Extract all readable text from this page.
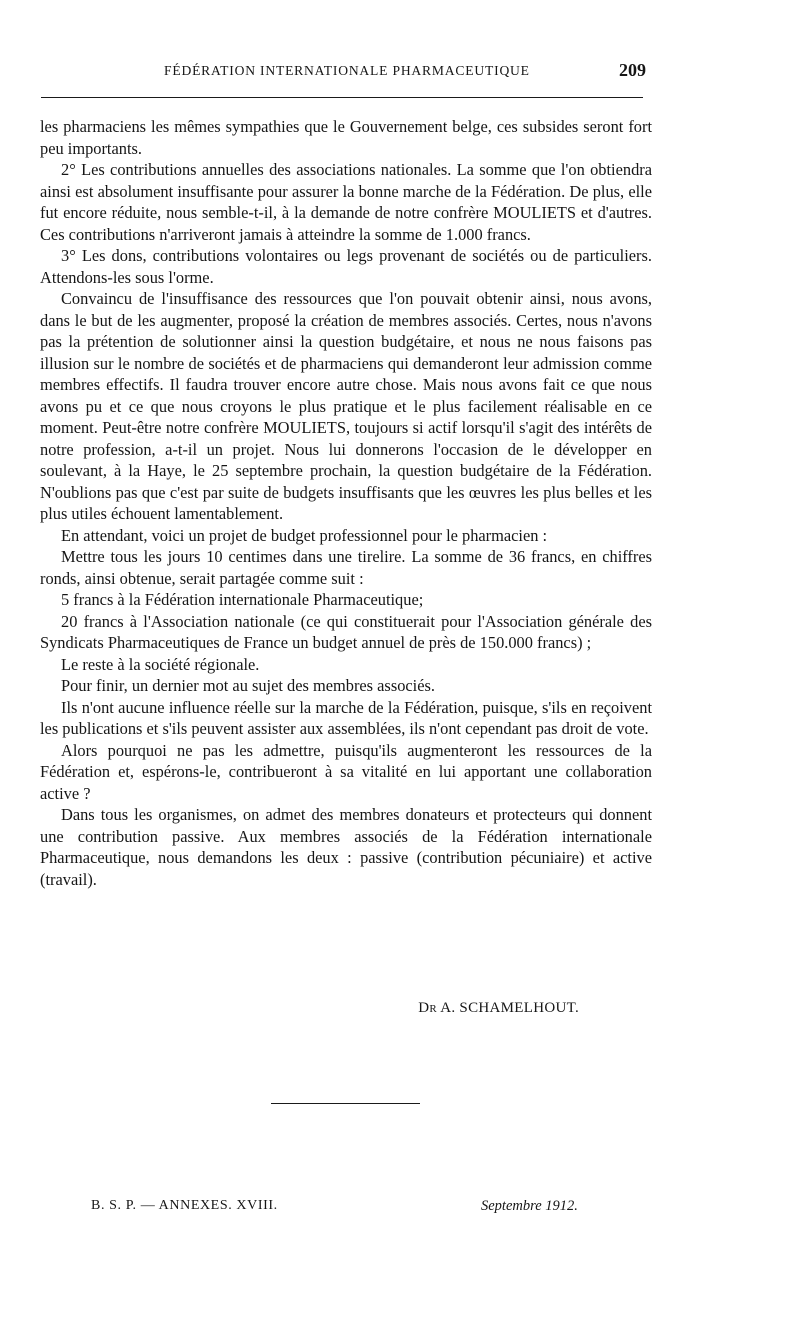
FÉDÉRATION INTERNATIONALE PHARMACEUTIQUE	209

les pharmaciens les mêmes sympathies que le Gouvernement belge, ces subsides seront fort peu importants.

2° Les contributions annuelles des associations nationales. La somme que l'on obtiendra ainsi est absolument insuffisante pour assurer la bonne marche de la Fédération. De plus, elle fut encore réduite, nous semble-t-il, à la demande de notre confrère MOULIETS et d'autres. Ces contributions n'arriveront jamais à atteindre la somme de 1.000 francs.

3° Les dons, contributions volontaires ou legs provenant de sociétés ou de particuliers. Attendons-les sous l'orme.

Convaincu de l'insuffisance des ressources que l'on pouvait obtenir ainsi, nous avons, dans le but de les augmenter, proposé la création de membres associés. Certes, nous n'avons pas la prétention de solutionner ainsi la question budgétaire, et nous ne nous faisons pas illusion sur le nombre de sociétés et de pharmaciens qui demanderont leur admission comme membres effectifs. Il faudra trouver encore autre chose. Mais nous avons fait ce que nous avons pu et ce que nous croyons le plus pratique et le plus facilement réalisable en ce moment. Peut-être notre confrère MOULIETS, toujours si actif lorsqu'il s'agit des intérêts de notre profession, a-t-il un projet. Nous lui donnerons l'occasion de le développer en soulevant, à la Haye, le 25 septembre prochain, la question budgétaire de la Fédération. N'oublions pas que c'est par suite de budgets insuffisants que les œuvres les plus belles et les plus utiles échouent lamentablement.

En attendant, voici un projet de budget professionnel pour le pharmacien :

Mettre tous les jours 10 centimes dans une tirelire. La somme de 36 francs, en chiffres ronds, ainsi obtenue, serait partagée comme suit :

5 francs à la Fédération internationale Pharmaceutique;

20 francs à l'Association nationale (ce qui constituerait pour l'Association générale des Syndicats Pharmaceutiques de France un budget annuel de près de 150.000 francs) ;

Le reste à la société régionale.

Pour finir, un dernier mot au sujet des membres associés.

Ils n'ont aucune influence réelle sur la marche de la Fédération, puisque, s'ils en reçoivent les publications et s'ils peuvent assister aux assemblées, ils n'ont cependant pas droit de vote.

Alors pourquoi ne pas les admettre, puisqu'ils augmenteront les ressources de la Fédération et, espérons-le, contribueront à sa vitalité en lui apportant une collaboration active ?

Dans tous les organismes, on admet des membres donateurs et protecteurs qui donnent une contribution passive. Aux membres associés de la Fédération internationale Pharmaceutique, nous demandons les deux : passive (contribution pécuniaire) et active (travail).

Dr A. SCHAMELHOUT.
B. S. P. — ANNEXES. XVIII.	Septembre 1912.
